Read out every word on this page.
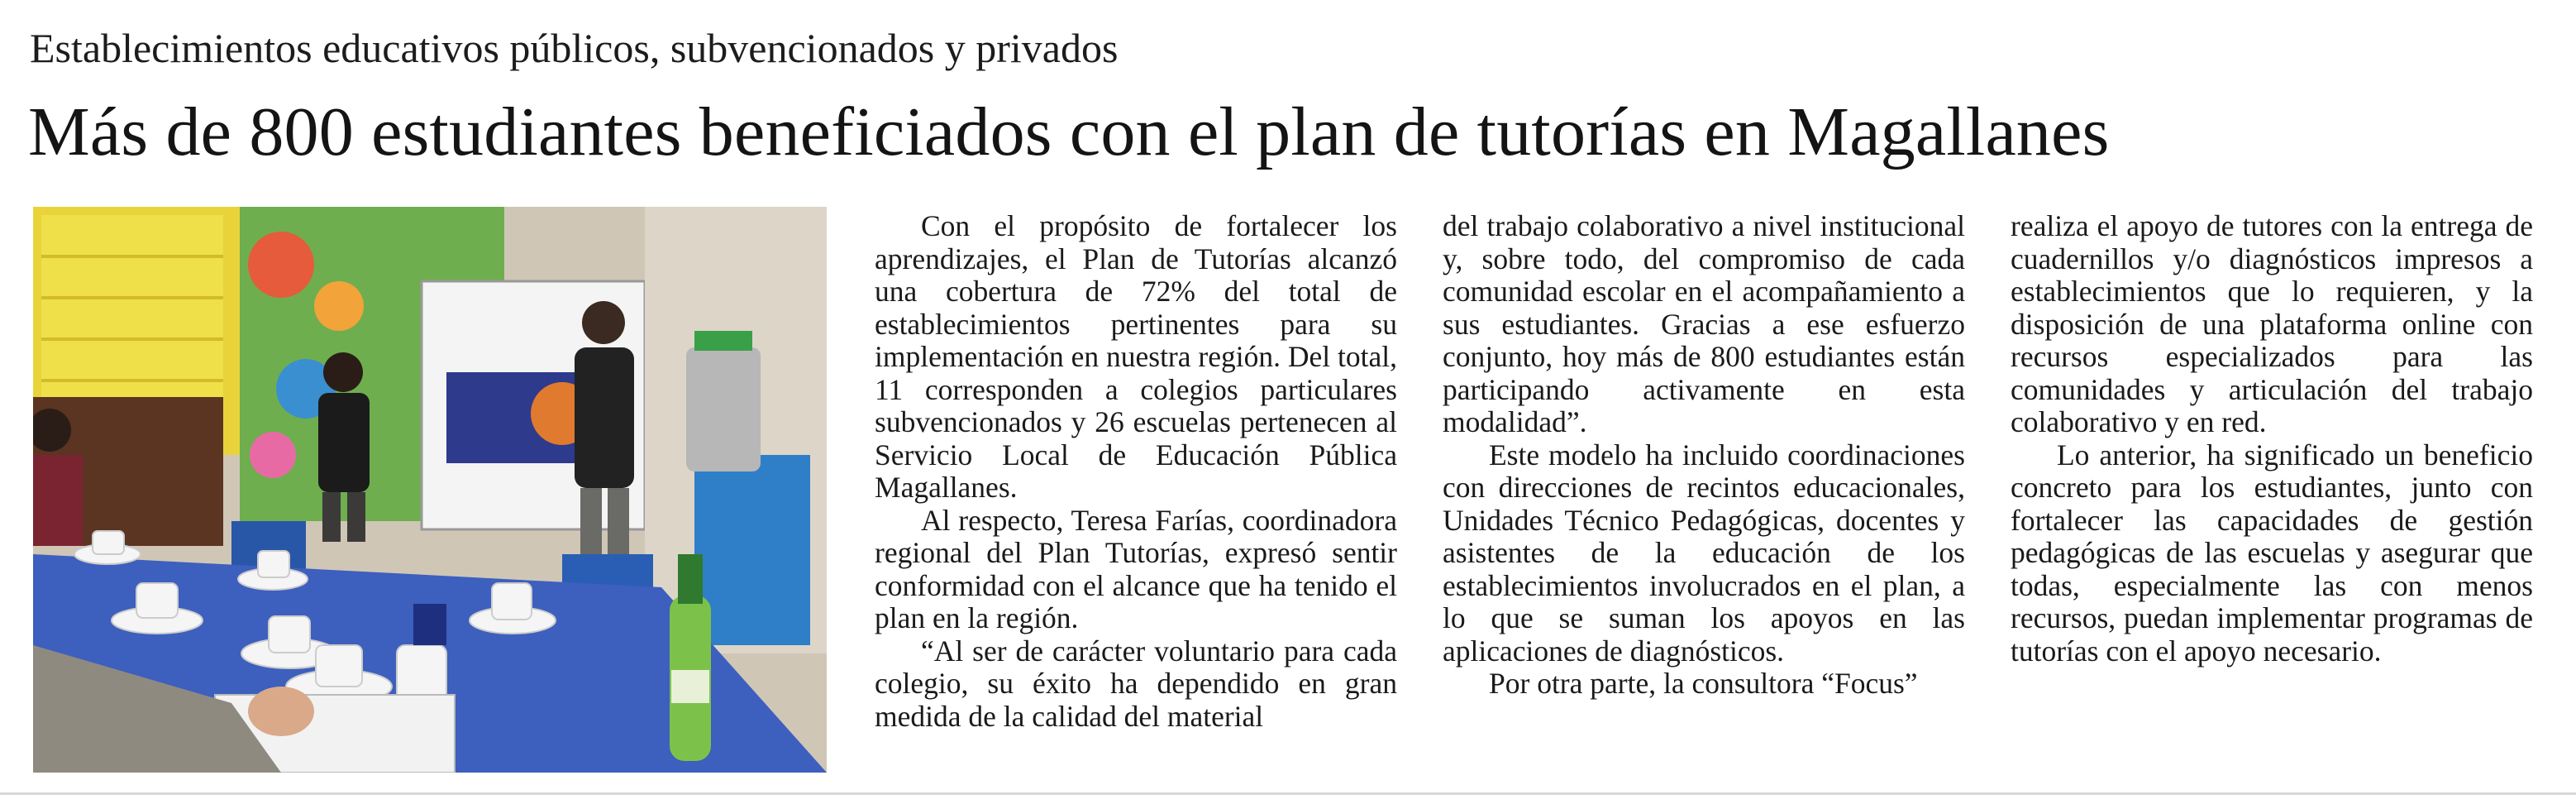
Establecimientos educativos públicos, subvencionados y privados
Más de 800 estudiantes beneficiados con el plan de tutorías en Magallanes

Con el propósito de fortalecer los aprendizajes, el Plan de Tutorías alcanzó una cobertura de 72% del total de establecimientos pertinentes para su implementación en nuestra región. Del total, 11 corresponden a colegios particulares subvencionados y 26 escuelas pertenecen al Servicio Local de Educación Pública Magallanes.

Al respecto, Teresa Farías, coordinadora regional del Plan Tutorías, expresó sentir conformidad con el alcance que ha tenido el plan en la región.

“Al ser de carácter voluntario para cada colegio, su éxito ha dependido en gran medida de la calidad del material

del trabajo colaborativo a nivel institucional y, sobre todo, del compromiso de cada comunidad escolar en el acompañamiento a sus estudiantes. Gracias a ese esfuerzo conjunto, hoy más de 800 estudiantes están participando activamente en esta modalidad”.

Este modelo ha incluido coordinaciones con direcciones de recintos educacionales, Unidades Técnico Pedagógicas, docentes y asistentes de la educación de los establecimientos involucrados en el plan, a lo que se suman los apoyos en las aplicaciones de diagnósticos.

Por otra parte, la consultora “Focus”

realiza el apoyo de tutores con la entrega de cuadernillos y/o diagnósticos impresos a establecimientos que lo requieren, y la disposición de una plataforma online con recursos especializados para las comunidades y articulación del trabajo colaborativo y en red.

Lo anterior, ha significado un beneficio concreto para los estudiantes, junto con fortalecer las capacidades de gestión pedagógicas de las escuelas y asegurar que todas, especialmente las con menos recursos, puedan implementar programas de tutorías con el apoyo necesario.
